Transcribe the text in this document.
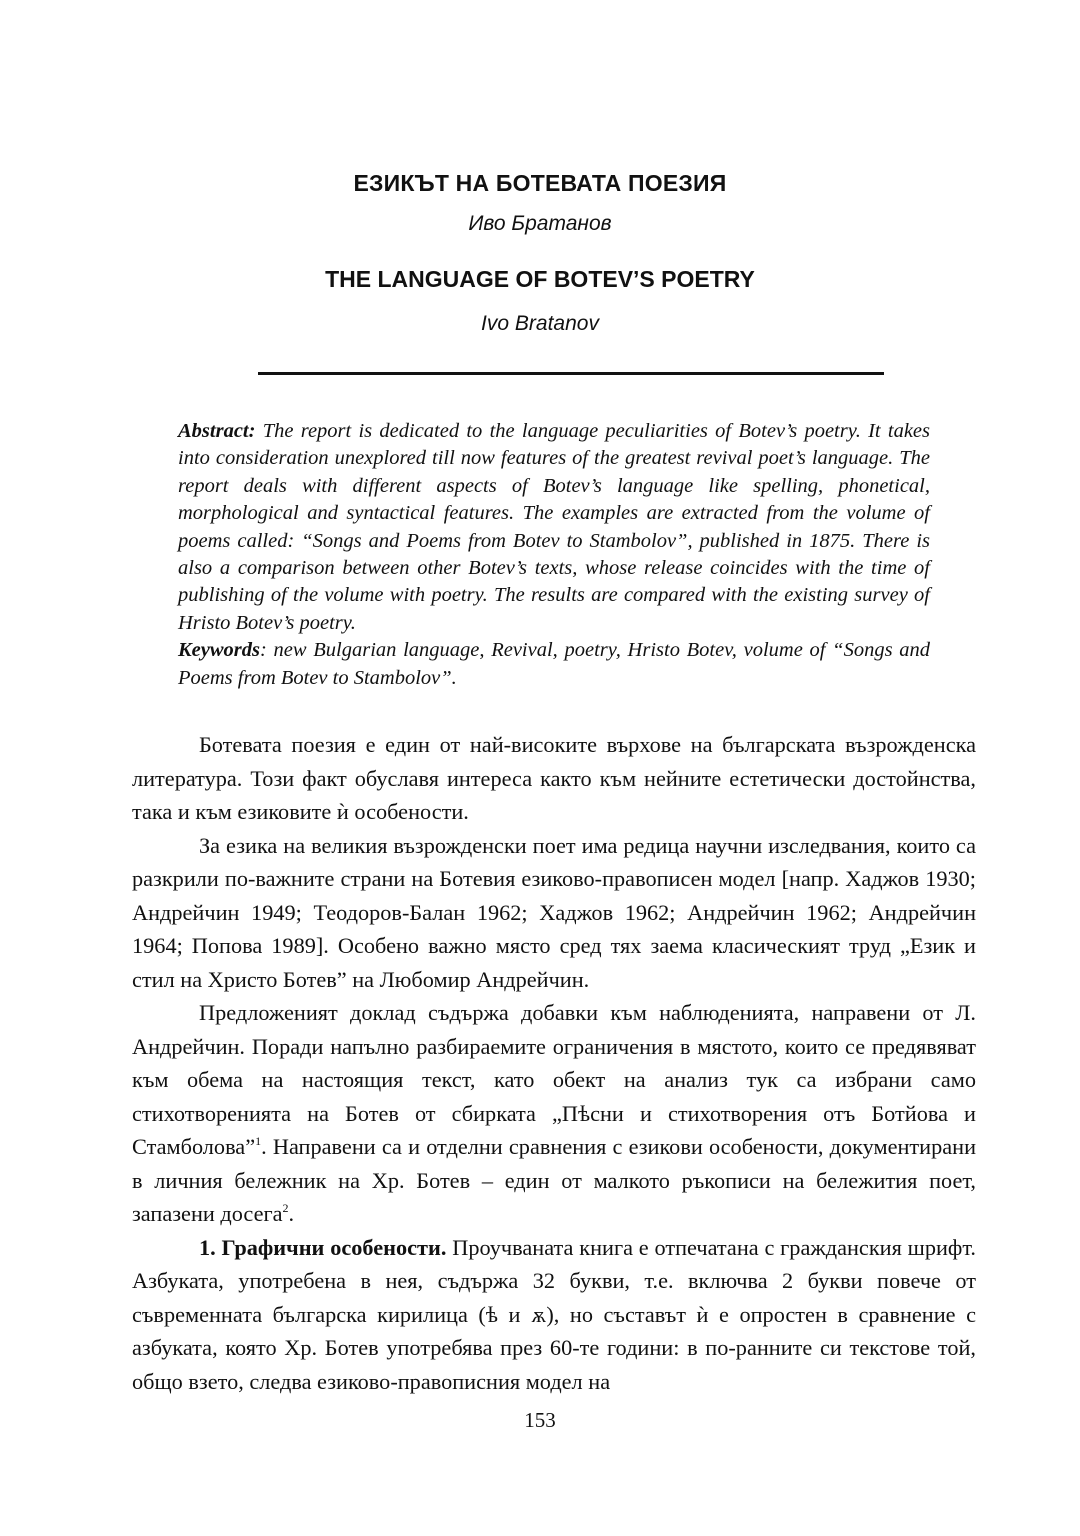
ЕЗИКЪТ НА БОТЕВАТА ПОЕЗИЯ
Иво Братанов
THE LANGUAGE OF BOTEV’S POETRY
Ivo Bratanov

Abstract: The report is dedicated to the language peculiarities of Botev’s poetry. It takes into consideration unexplored till now features of the greatest revival poet’s language. The report deals with different aspects of Botev’s language like spelling, phonetical, morphological and syntactical features. The examples are extracted from the volume of poems called: “Songs and Poems from Botev to Stambolov”, published in 1875. There is also a comparison between other Botev’s texts, whose release coincides with the time of publishing of the volume with poetry. The results are compared with the existing survey of Hristo Botev’s poetry.

Keywords: new Bulgarian language, Revival, poetry, Hristo Botev, volume of “Songs and Poems from Botev to Stambolov”.

Ботевата поезия е един от най-високите върхове на българската възрожденска литература. Този факт обуславя интереса както към нейните естетически достойнства, така и към езиковите ѝ особености.

За езика на великия възрожденски поет има редица научни изследвания, които са разкрили по-важните страни на Ботевия езиково-правописен модел [напр. Хаджов 1930; Андрейчин 1949; Теодоров-Балан 1962; Хаджов 1962; Андрейчин 1962; Андрейчин 1964; Попова 1989]. Особено важно място сред тях заема класическият труд „Език и стил на Христо Ботев” на Любомир Андрейчин.

Предложеният доклад съдържа добавки към наблюденията, направени от Л. Андрейчин. Поради напълно разбираемите ограничения в мястото, които се предявяват към обема на настоящия текст, като обект на анализ тук са избрани само стихотворенията на Ботев от сбирката „Пѣсни и стихотворения отъ Ботйова и Стамболова”$^1$. Направени са и отделни сравнения с езикови особености, документирани в личния бележник на Хр. Ботев – един от малкото ръкописи на бележития поет, запазени досега$^2$.

1. Графични особености. Проучваната книга е отпечатана с гражданския шрифт. Азбуката, употребена в нея, съдържа 32 букви, т.е. включва 2 букви повече от съвременната българска кирилица (ѣ и ѫ), но съставът ѝ е опростен в сравнение с азбуката, която Хр. Ботев употребява през 60-те години: в по-ранните си текстове той, общо взето, следва езиково-правописния модел на

153
